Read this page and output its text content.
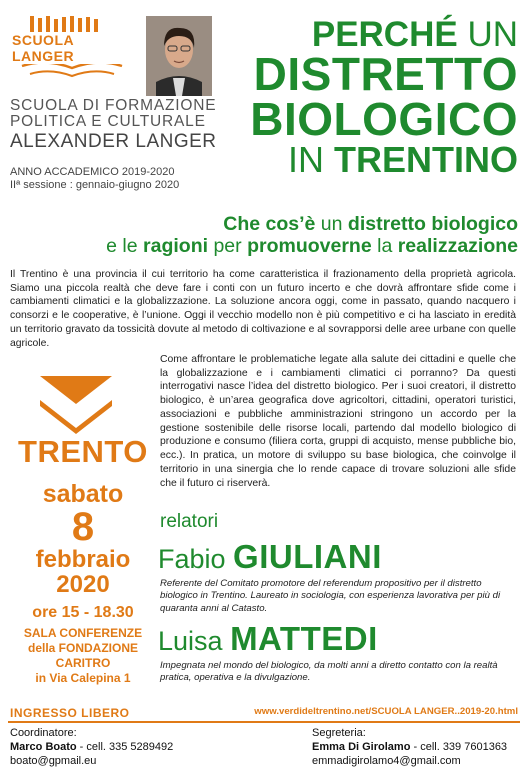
SCUOLA LANGER
SCUOLA DI FORMAZIONE
POLITICA E CULTURALE
ALEXANDER LANGER
ANNO ACCADEMICO 2019-2020
IIª sessione : gennaio-giugno 2020
PERCHÉ UN
DISTRETTO
BIOLOGICO
IN TRENTINO
Che cos’è un distretto biologico
e le ragioni per promuoverne la realizzazione
Il Trentino è una provincia il cui territorio ha come caratteristica il frazionamento della proprietà agricola. Siamo una piccola realtà che deve fare i conti con un futuro incerto e che dovrà affrontare sfide come i cambiamenti climatici e la globalizzazione. La soluzione ancora oggi, come in passato, quando nacquero i consorzi e le cooperative, è l’unione. Oggi il vecchio modello non è più competitivo e ci ha lasciato in eredità un territorio gravato da tossicità dovute al metodo di coltivazione e al sovrapporsi delle aree urbane con quelle agricole.
Come affrontare le problematiche legate alla salute dei cittadini e quelle che la globalizzazione e i cambiamenti climatici ci porranno? Da questi interrogativi nasce l’idea del distretto biologico. Per i suoi creatori, il distretto biologico, è un’area geografica dove agricoltori, cittadini, operatori turistici, associazioni e pubbliche amministrazioni stringono un accordo per la gestione sostenibile delle risorse locali, partendo dal modello biologico di produzione e consumo (filiera corta, gruppi di acquisto, mense pubbliche bio, ecc.). In pratica, un motore di sviluppo su base biologica, che coinvolge il territorio in una sinergia che lo rende capace di trovare soluzioni alle sfide che il futuro ci riserverà.
TRENTO
sabato
8
febbraio
2020
ore 15 - 18.30
SALA CONFERENZE
della FONDAZIONE
CARITRO
in Via Calepina 1
relatori
Fabio GIULIANI
Referente del Comitato promotore del referendum propositivo per il distretto biologico in Trentino. Laureato in sociologia, con esperienza lavorativa per più di quaranta anni al Catasto.
Luisa MATTEDI
Impegnata nel mondo del biologico, da molti anni a diretto contatto con la realtà pratica, operativa e la divulgazione.
INGRESSO LIBERO	www.verdideltrentino.net/SCUOLA LANGER..2019-20.html
Coordinatore:
Marco Boato - cell. 335 5289492
boato@gpmail.eu
Segreteria:
Emma Di Girolamo - cell. 339 7601363
emmadigirolamo4@gmail.com
